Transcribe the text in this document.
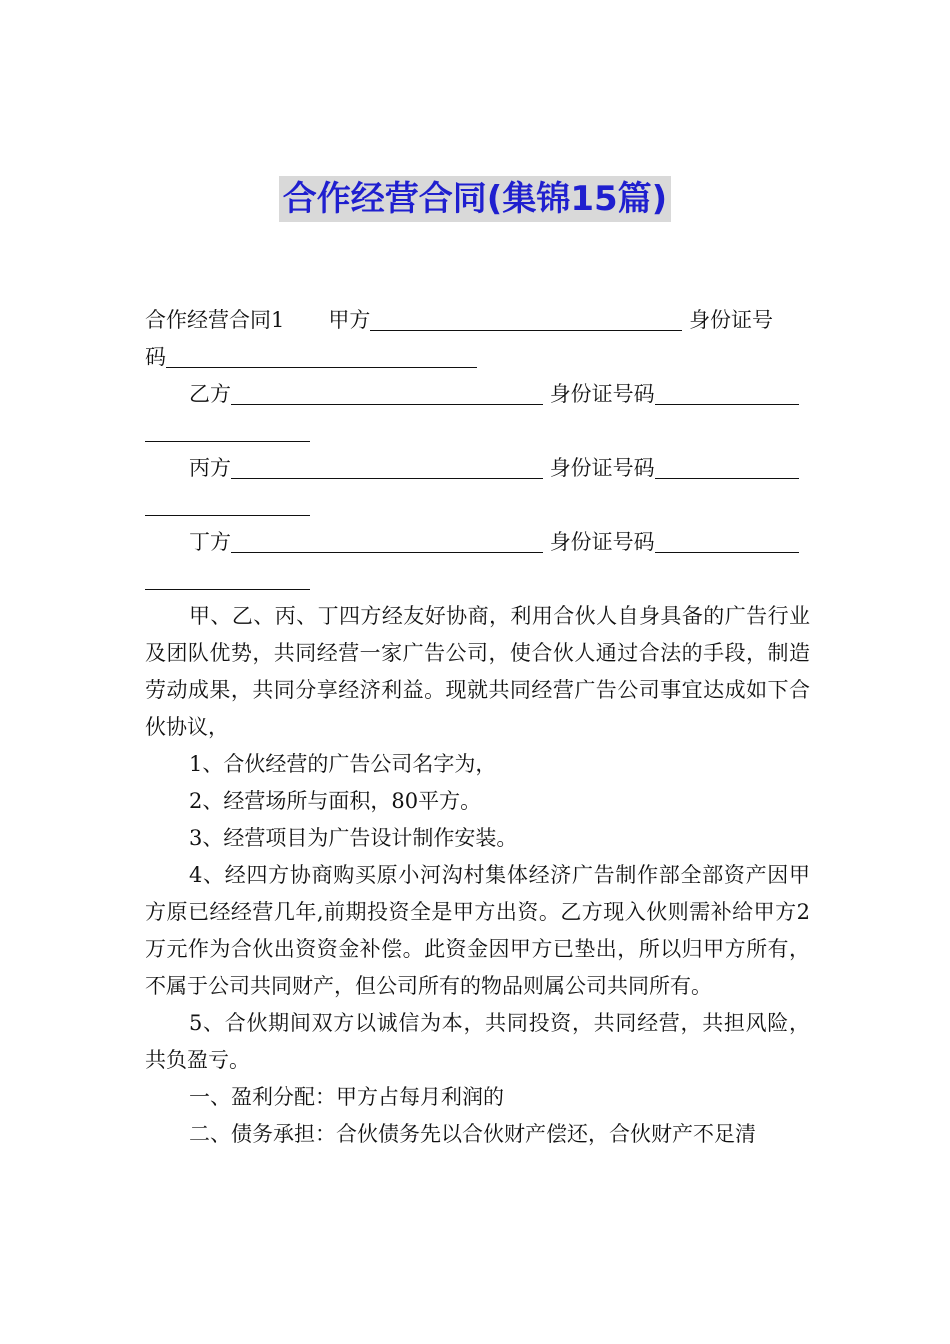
合作经营合同(集锦15篇)

合作经营合同1 甲方	身份证号
码

乙方	身份证号码

丙方	身份证号码

丁方	身份证号码

甲、乙、丙、丁四方经友好协商，利用合伙人自身具备的广告行业及团队优势，共同经营一家广告公司，使合伙人通过合法的手段，制造劳动成果，共同分享经济利益。现就共同经营广告公司事宜达成如下合伙协议，

1、合伙经营的广告公司名字为，

2、经营场所与面积，80平方。

3、经营项目为广告设计制作安装。

4、经四方协商购买原小河沟村集体经济广告制作部全部资产因甲方原已经经营几年,前期投资全是甲方出资。乙方现入伙则需补给甲方2万元作为合伙出资资金补偿。此资金因甲方已垫出，所以归甲方所有，不属于公司共同财产，但公司所有的物品则属公司共同所有。

5、合伙期间双方以诚信为本，共同投资，共同经营，共担风险，共负盈亏。

一、盈利分配：甲方占每月利润的

二、债务承担：合伙债务先以合伙财产偿还，合伙财产不足清
